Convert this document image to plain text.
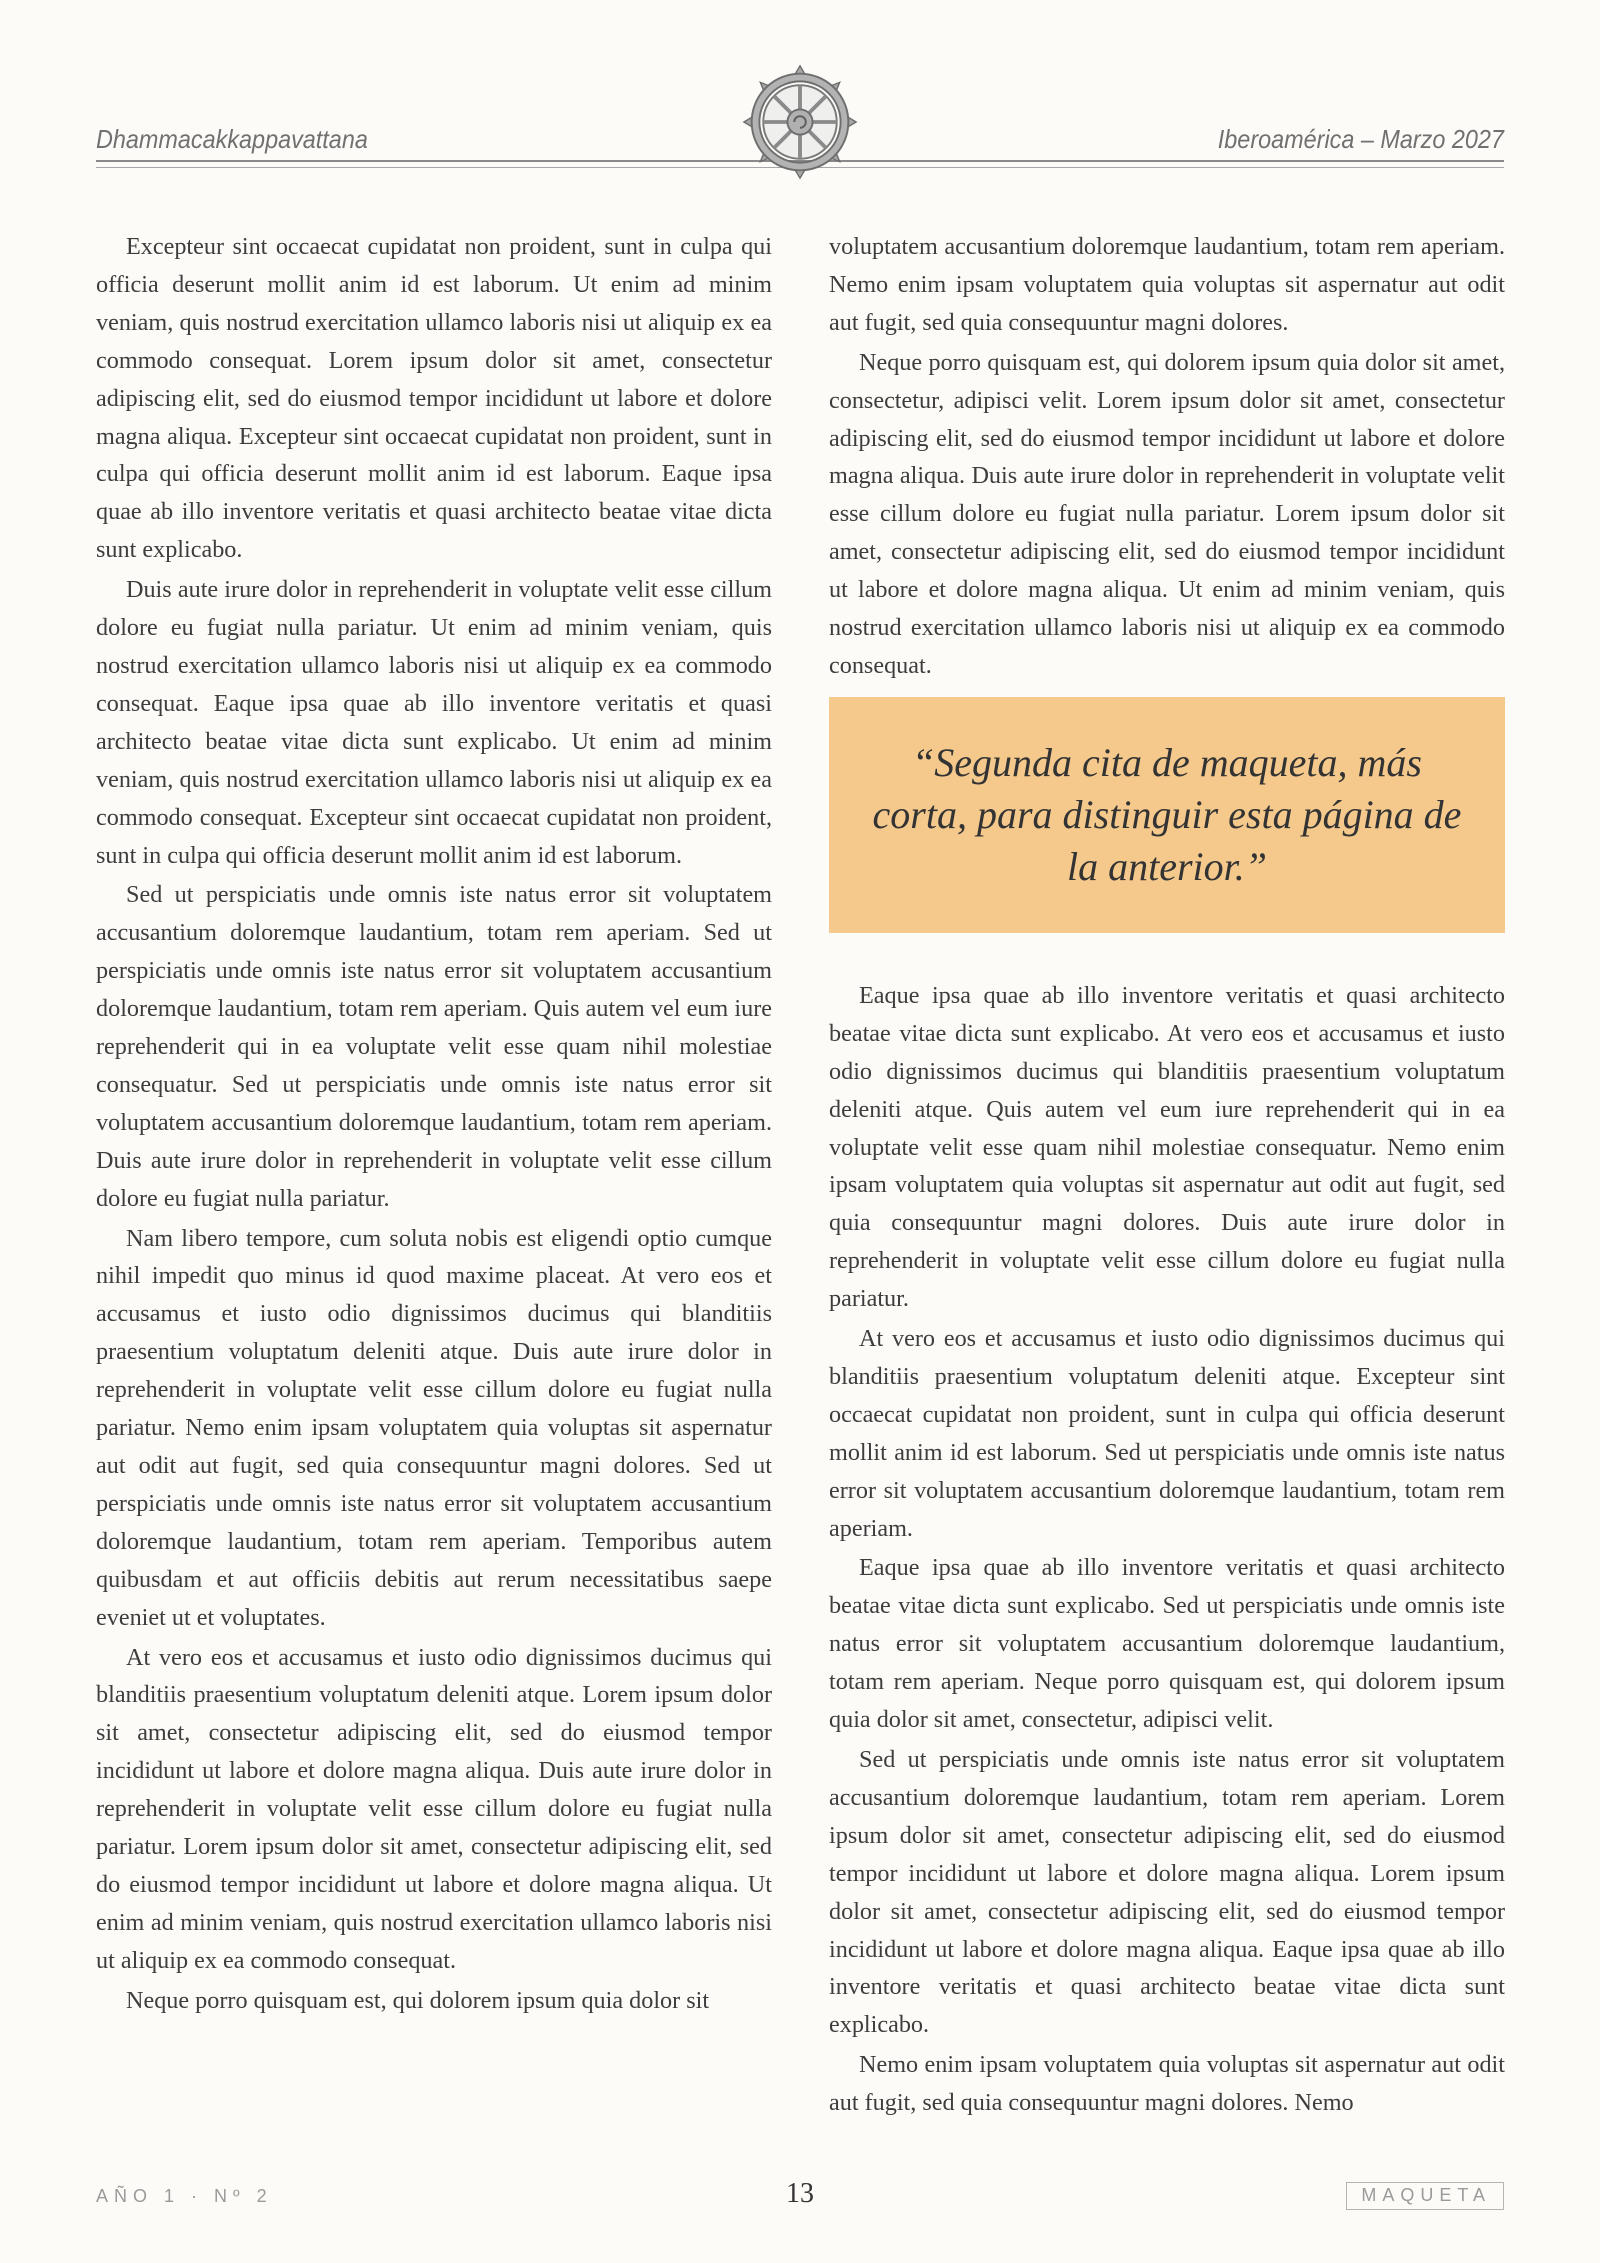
Dhammacakkappavattana	Iberoamérica – Marzo 2027

Excepteur sint occaecat cupidatat non proident, sunt in culpa qui officia deserunt mollit anim id est laborum. Ut enim ad minim veniam, quis nostrud exercitation ullamco laboris nisi ut aliquip ex ea commodo consequat. Lorem ipsum dolor sit amet, consectetur adipiscing elit, sed do eiusmod tempor incididunt ut labore et dolore magna aliqua. Excepteur sint occaecat cupidatat non proident, sunt in culpa qui officia deserunt mollit anim id est laborum. Eaque ipsa quae ab illo inventore veritatis et quasi architecto beatae vitae dicta sunt explicabo.

Duis aute irure dolor in reprehenderit in voluptate velit esse cillum dolore eu fugiat nulla pariatur. Ut enim ad minim veniam, quis nostrud exercitation ullamco laboris nisi ut aliquip ex ea commodo consequat. Eaque ipsa quae ab illo inventore veritatis et quasi architecto beatae vitae dicta sunt explicabo. Ut enim ad minim veniam, quis nostrud exercitation ullamco laboris nisi ut aliquip ex ea commodo consequat. Excepteur sint occaecat cupidatat non proident, sunt in culpa qui officia deserunt mollit anim id est laborum.

Sed ut perspiciatis unde omnis iste natus error sit voluptatem accusantium doloremque laudantium, totam rem aperiam. Sed ut perspiciatis unde omnis iste natus error sit voluptatem accusantium doloremque laudantium, totam rem aperiam. Quis autem vel eum iure reprehenderit qui in ea voluptate velit esse quam nihil molestiae consequatur. Sed ut perspiciatis unde omnis iste natus error sit voluptatem accusantium doloremque laudantium, totam rem aperiam. Duis aute irure dolor in reprehenderit in voluptate velit esse cillum dolore eu fugiat nulla pariatur.

Nam libero tempore, cum soluta nobis est eligendi optio cumque nihil impedit quo minus id quod maxime placeat. At vero eos et accusamus et iusto odio dignissimos ducimus qui blanditiis praesentium voluptatum deleniti atque. Duis aute irure dolor in reprehenderit in voluptate velit esse cillum dolore eu fugiat nulla pariatur. Nemo enim ipsam voluptatem quia voluptas sit aspernatur aut odit aut fugit, sed quia consequuntur magni dolores. Sed ut perspiciatis unde omnis iste natus error sit voluptatem accusantium doloremque laudantium, totam rem aperiam. Temporibus autem quibusdam et aut officiis debitis aut rerum necessitatibus saepe eveniet ut et voluptates.

At vero eos et accusamus et iusto odio dignissimos ducimus qui blanditiis praesentium voluptatum deleniti atque. Lorem ipsum dolor sit amet, consectetur adipiscing elit, sed do eiusmod tempor incididunt ut labore et dolore magna aliqua. Duis aute irure dolor in reprehenderit in voluptate velit esse cillum dolore eu fugiat nulla pariatur. Lorem ipsum dolor sit amet, consectetur adipiscing elit, sed do eiusmod tempor incididunt ut labore et dolore magna aliqua. Ut enim ad minim veniam, quis nostrud exercitation ullamco laboris nisi ut aliquip ex ea commodo consequat.

Neque porro quisquam est, qui dolorem ipsum quia dolor sit

voluptatem accusantium doloremque laudantium, totam rem aperiam. Nemo enim ipsam voluptatem quia voluptas sit aspernatur aut odit aut fugit, sed quia consequuntur magni dolores.

Neque porro quisquam est, qui dolorem ipsum quia dolor sit amet, consectetur, adipisci velit. Lorem ipsum dolor sit amet, consectetur adipiscing elit, sed do eiusmod tempor incididunt ut labore et dolore magna aliqua. Duis aute irure dolor in reprehenderit in voluptate velit esse cillum dolore eu fugiat nulla pariatur. Lorem ipsum dolor sit amet, consectetur adipiscing elit, sed do eiusmod tempor incididunt ut labore et dolore magna aliqua. Ut enim ad minim veniam, quis nostrud exercitation ullamco laboris nisi ut aliquip ex ea commodo consequat.

“Segunda cita de maqueta, más corta, para distinguir esta página de la anterior.”

Eaque ipsa quae ab illo inventore veritatis et quasi architecto beatae vitae dicta sunt explicabo. At vero eos et accusamus et iusto odio dignissimos ducimus qui blanditiis praesentium voluptatum deleniti atque. Quis autem vel eum iure reprehenderit qui in ea voluptate velit esse quam nihil molestiae consequatur. Nemo enim ipsam voluptatem quia voluptas sit aspernatur aut odit aut fugit, sed quia consequuntur magni dolores. Duis aute irure dolor in reprehenderit in voluptate velit esse cillum dolore eu fugiat nulla pariatur.

At vero eos et accusamus et iusto odio dignissimos ducimus qui blanditiis praesentium voluptatum deleniti atque. Excepteur sint occaecat cupidatat non proident, sunt in culpa qui officia deserunt mollit anim id est laborum. Sed ut perspiciatis unde omnis iste natus error sit voluptatem accusantium doloremque laudantium, totam rem aperiam.

Eaque ipsa quae ab illo inventore veritatis et quasi architecto beatae vitae dicta sunt explicabo. Sed ut perspiciatis unde omnis iste natus error sit voluptatem accusantium doloremque laudantium, totam rem aperiam. Neque porro quisquam est, qui dolorem ipsum quia dolor sit amet, consectetur, adipisci velit.

Sed ut perspiciatis unde omnis iste natus error sit voluptatem accusantium doloremque laudantium, totam rem aperiam. Lorem ipsum dolor sit amet, consectetur adipiscing elit, sed do eiusmod tempor incididunt ut labore et dolore magna aliqua. Lorem ipsum dolor sit amet, consectetur adipiscing elit, sed do eiusmod tempor incididunt ut labore et dolore magna aliqua. Eaque ipsa quae ab illo inventore veritatis et quasi architecto beatae vitae dicta sunt explicabo.

Nemo enim ipsam voluptatem quia voluptas sit aspernatur aut odit aut fugit, sed quia consequuntur magni dolores. Nemo

AÑO 1 · Nº 2	13	MAQUETA
